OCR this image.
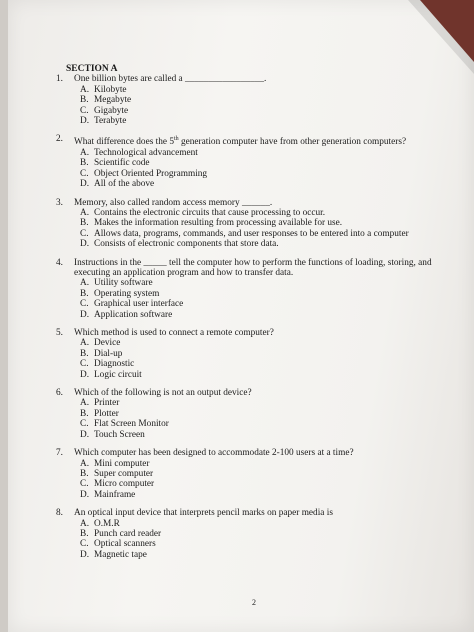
SECTION A
1.	One billion bytes are called a _________________.
A. Kilobyte
B. Megabyte
C. Gigabyte
D. Terabyte
2.	What difference does the 5th generation computer have from other generation computers?
A. Technological advancement
B. Scientific code
C. Object Oriented Programming
D. All of the above
3.	Memory, also called random access memory ______.
A. Contains the electronic circuits that cause processing to occur.
B. Makes the information resulting from processing available for use.
C. Allows data, programs, commands, and user responses to be entered into a computer
D. Consists of electronic components that store data.
4.	Instructions in the _____ tell the computer how to perform the functions of loading, storing, and executing an application program and how to transfer data.
A. Utility software
B. Operating system
C. Graphical user interface
D. Application software
5.	Which method is used to connect a remote computer?
A. Device
B. Dial-up
C. Diagnostic
D. Logic circuit
6.	Which of the following is not an output device?
A. Printer
B. Plotter
C. Flat Screen Monitor
D. Touch Screen
7.	Which computer has been designed to accommodate 2-100 users at a time?
A. Mini computer
B. Super computer
C. Micro computer
D. Mainframe
8.	An optical input device that interprets pencil marks on paper media is
A. O.M.R
B. Punch card reader
C. Optical scanners
D. Magnetic tape
2
